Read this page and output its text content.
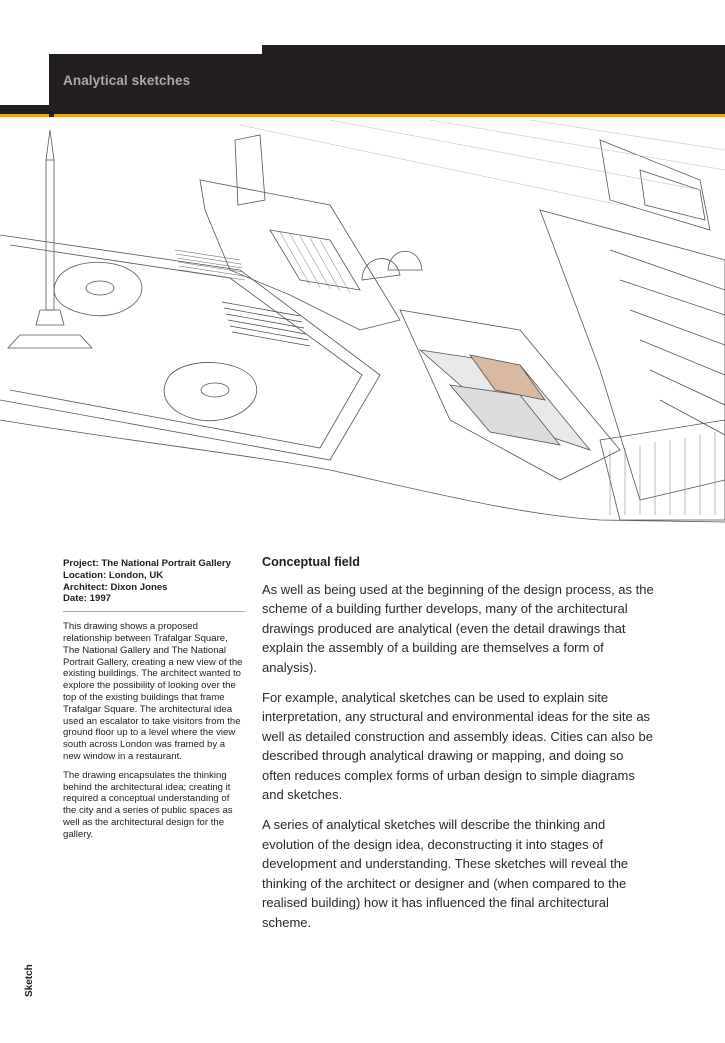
Analytical sketches

Project: The National Portrait Gallery

Location: London, UK

Architect: Dixon Jones

Date: 1997

This drawing shows a proposed relationship between Trafalgar Square, The National Gallery and The National Portrait Gallery, creating a new view of the existing buildings. The architect wanted to explore the possibility of looking over the top of the existing buildings that frame Trafalgar Square. The architectural idea used an escalator to take visitors from the ground floor up to a level where the view south across London was framed by a new window in a restaurant.

The drawing encapsulates the thinking behind the architectural idea; creating it required a conceptual understanding of the city and a series of public spaces as well as the architectural design for the gallery.

Conceptual field

As well as being used at the beginning of the design process, as the scheme of a building further develops, many of the architectural drawings produced are analytical (even the detail drawings that explain the assembly of a building are themselves a form of analysis).

For example, analytical sketches can be used to explain site interpretation, any structural and environmental ideas for the site as well as detailed construction and assembly ideas. Cities can also be described through analytical drawing or mapping, and doing so often reduces complex forms of urban design to simple diagrams and sketches.

A series of analytical sketches will describe the thinking and evolution of the design idea, deconstructing it into stages of development and understanding. These sketches will reveal the thinking of the architect or designer and (when compared to the realised building) how it has influenced the final architectural scheme.

Sketch
